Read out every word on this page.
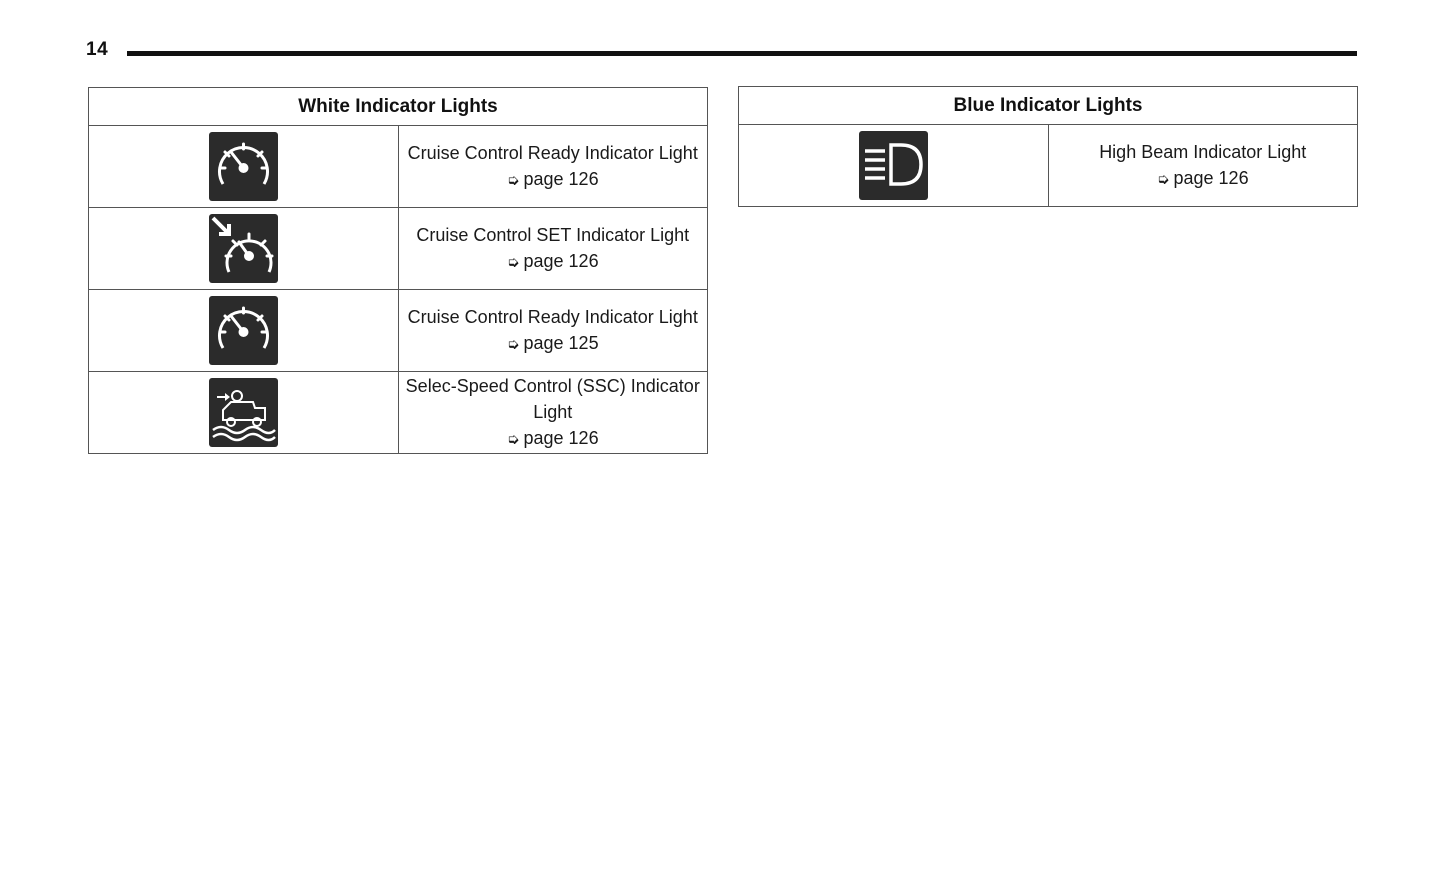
14
White Indicator Lights	

Cruise Control Ready Indicator Light
➭ page 126

Cruise Control SET Indicator Light
➭ page 126

Cruise Control Ready Indicator Light
➭ page 125

Selec-Speed Control (SSC) Indicator Light
➭ page 126
Blue Indicator Lights

High Beam Indicator Light
➭ page 126
